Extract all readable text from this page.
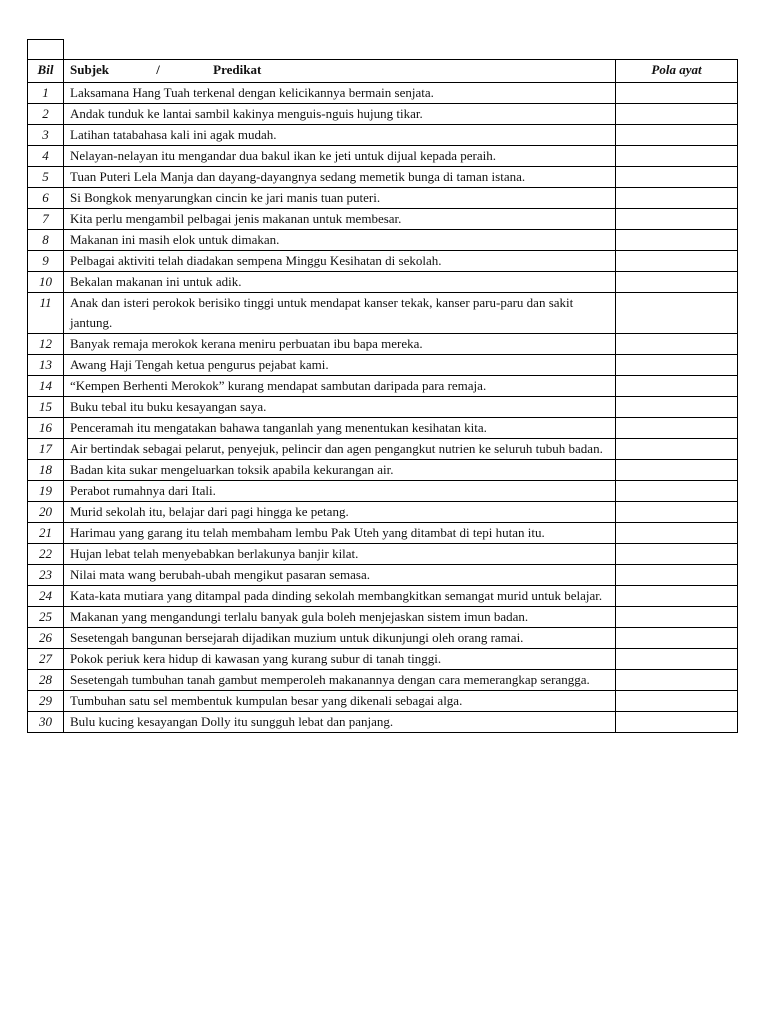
Bil	Subjek / Predikat	Pola ayat
1	Laksamana Hang Tuah terkenal dengan kelicikannya bermain senjata.	
2	Andak tunduk ke lantai sambil kakinya menguis-nguis hujung tikar.	
3	Latihan tatabahasa kali ini agak mudah.	
4	Nelayan-nelayan itu mengandar dua bakul ikan ke jeti untuk dijual kepada peraih.	
5	Tuan Puteri Lela Manja dan dayang-dayangnya sedang memetik bunga di taman istana.	
6	Si Bongkok menyarungkan cincin ke jari manis tuan puteri.	
7	Kita perlu mengambil pelbagai jenis makanan untuk membesar.	
8	Makanan ini masih elok untuk dimakan.	
9	Pelbagai aktiviti telah diadakan sempena Minggu Kesihatan di sekolah.	
10	Bekalan makanan ini untuk adik.	
11	Anak dan isteri perokok berisiko tinggi untuk mendapat kanser tekak, kanser paru-paru dan sakit jantung.	
12	Banyak remaja merokok kerana meniru perbuatan ibu bapa mereka.	
13	Awang Haji Tengah ketua pengurus pejabat kami.	
14	“Kempen Berhenti Merokok” kurang mendapat sambutan daripada para remaja.	
15	Buku tebal itu buku kesayangan saya.	
16	Penceramah itu mengatakan bahawa tanganlah yang menentukan kesihatan kita.	
17	Air bertindak sebagai pelarut, penyejuk, pelincir dan agen pengangkut nutrien ke seluruh tubuh badan.	
18	Badan kita sukar mengeluarkan toksik apabila kekurangan air.	
19	Perabot rumahnya dari Itali.	
20	Murid sekolah itu, belajar dari pagi hingga ke petang.	
21	Harimau yang garang itu telah membaham lembu Pak Uteh yang ditambat di tepi hutan itu.	
22	Hujan lebat telah menyebabkan berlakunya banjir kilat.	
23	Nilai mata wang berubah-ubah mengikut pasaran semasa.	
24	Kata-kata mutiara yang ditampal pada dinding sekolah membangkitkan semangat murid untuk belajar.	
25	Makanan yang mengandungi terlalu banyak gula boleh menjejaskan sistem imun badan.	
26	Sesetengah bangunan bersejarah dijadikan muzium untuk dikunjungi oleh orang ramai.	
27	Pokok periuk kera hidup di kawasan yang kurang subur di tanah tinggi.	
28	Sesetengah tumbuhan tanah gambut memperoleh makanannya dengan cara memerangkap serangga.	
29	Tumbuhan satu sel membentuk kumpulan besar yang dikenali sebagai alga.	
30	Bulu kucing kesayangan Dolly itu sungguh lebat dan panjang.	
